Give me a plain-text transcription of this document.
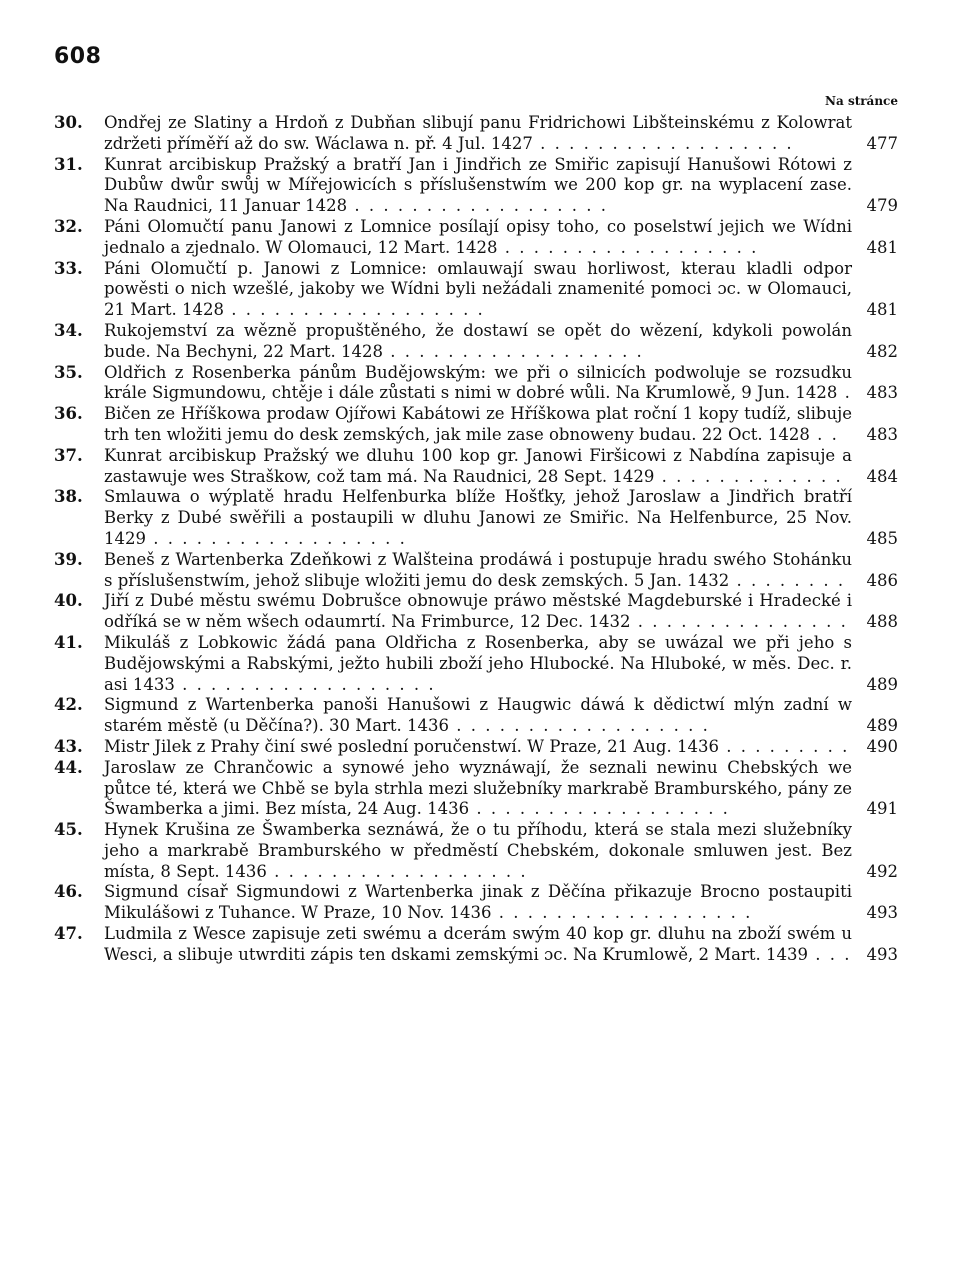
608
Na stránce
30.	Ondřej ze Slatiny a Hrdoň z Dubňan slibují panu Fridrichowi Libšteinskému z Kolowrat zdržeti příměří až do sw. Wáclawa n. př. 4 Jul. 1427 . . . . . . . . . . . . . . . . . .	477
31.	Kunrat arcibiskup Pražský a bratří Jan i Jindřich ze Smiřic zapisují Hanušowi Rótowi z Dubůw dwůr swůj w Mířejowicích s příslušenstwím we 200 kop gr. na wyplacení zase. Na Raudnici, 11 Januar 1428 . . . . . . . . . . . . . . . . . .	479
32.	Páni Olomučtí panu Janowi z Lomnice posílají opisy toho, co poselstwí jejich we Wídni jednalo a zjednalo. W Olomauci, 12 Mart. 1428 . . . . . . . . . . . . . . . . . .	481
33.	Páni Olomučtí p. Janowi z Lomnice: omlauwají swau horliwost, kterau kladli odpor powěsti o nich wzešlé, jakoby we Wídni byli nežádali znamenité pomoci ɔc. w Olomauci, 21 Mart. 1428 . . . . . . . . . . . . . . . . . .	481
34.	Rukojemství za wězně propuštěného, že dostawí se opět do wězení, kdykoli powolán bude. Na Bechyni, 22 Mart. 1428 . . . . . . . . . . . . . . . . . .	482
35.	Oldřich z Rosenberka pánům Budějowským: we při o silnicích podwoluje se rozsudku krále Sigmundowu, chtěje i dále zůstati s nimi w dobré wůli. Na Krumlowě, 9 Jun. 1428 . 483
36.	Bičen ze Hříškowa prodaw Ojířowi Kabátowi ze Hříškowa plat roční 1 kopy tudíž, slibuje trh ten wložiti jemu do desk zemských, jak mile zase obnoweny budau. 22 Oct. 1428 . .	483
37.	Kunrat arcibiskup Pražský we dluhu 100 kop gr. Janowi Firšicowi z Nabdína zapisuje a zastawuje wes Straškow, což tam má. Na Raudnici, 28 Sept. 1429 . . . . . . . . . . . . .	484
38.	Smlauwa o wýplatě hradu Helfenburka blíže Hošťky, jehož Jaroslaw a Jindřich bratří Berky z Dubé swěřili a postaupili w dluhu Janowi ze Smiřic. Na Helfenburce, 25 Nov. 1429 . . . . . . . . . . . . . . . . . .	485
39.	Beneš z Wartenberka Zdeňkowi z Walšteina prodáwá i postupuje hradu swého Stohánku s příslušenstwím, jehož slibuje wložiti jemu do desk zemských. 5 Jan. 1432 . . . . . . . .	486
40.	Jiří z Dubé městu swému Dobrušce obnowuje práwo městské Magdeburské i Hradecké i odříká se w něm wšech odaumrtí. Na Frimburce, 12 Dec. 1432 . . . . . . . . . . . . . . .	488
41.	Mikuláš z Lobkowic žádá pana Oldřicha z Rosenberka, aby se uwázal we při jeho s Budějowskými a Rabskými, ježto hubili zboží jeho Hlubocké. Na Hluboké, w měs. Dec. r. asi 1433 . . . . . . . . . . . . . . . . . .	489
42.	Sigmund z Wartenberka panoši Hanušowi z Haugwic dáwá k dědictwí mlýn zadní w starém městě (u Děčína?). 30 Mart. 1436 . . . . . . . . . . . . . . . . . .	489
43.	Mistr Jilek z Prahy činí swé poslední poručenstwí. W Praze, 21 Aug. 1436 . . . . . . . . .	490
44.	Jaroslaw ze Chrančowic a synowé jeho wyznáwají, že seznali newinu Chebských we půtce té, která we Chbě se byla strhla mezi služebníky markrabě Bramburského, pány ze Šwamberka a jimi. Bez místa, 24 Aug. 1436 . . . . . . . . . . . . . . . . . .	491
45.	Hynek Krušina ze Šwamberka seznáwá, že o tu příhodu, která se stala mezi služebníky jeho a markrabě Bramburského w předměstí Chebském, dokonale smluwen jest. Bez místa, 8 Sept. 1436 . . . . . . . . . . . . . . . . . .	492
46.	Sigmund císař Sigmundowi z Wartenberka jinak z Děčína přikazuje Brocno postaupiti Mikulášowi z Tuhance. W Praze, 10 Nov. 1436 . . . . . . . . . . . . . . . . . .	493
47.	Ludmila z Wesce zapisuje zeti swému a dcerám swým 40 kop gr. dluhu na zboží swém u Wesci, a slibuje utwrditi zápis ten dskami zemskými ɔc. Na Krumlowě, 2 Mart. 1439 . . . 493
